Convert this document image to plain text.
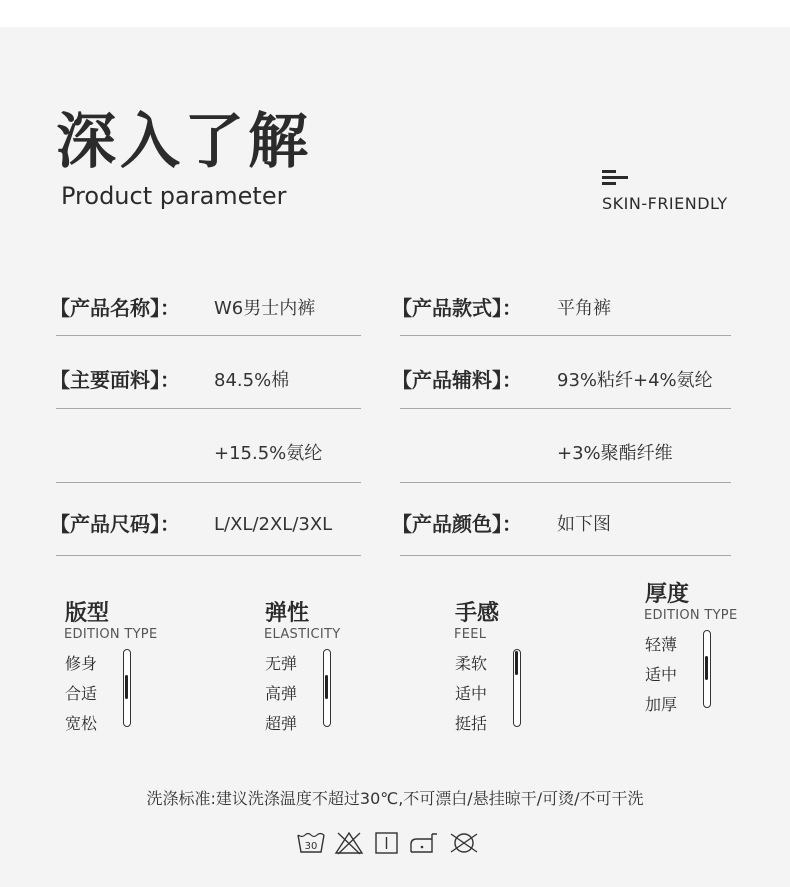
深入了解
Product parameter	SKIN-FRIENDLY
【产品名称】： W6男士内裤	【产品款式】： 平角裤
【主要面料】： 84.5%棉	【产品辅料】： 93%粘纤+4%氨纶
+15.5%氨纶	+3%聚酯纤维
【产品尺码】： L/XL/2XL/3XL	【产品颜色】： 如下图
版型
EDITION TYPE
修身
合适
宽松
弹性
ELASTICITY
无弹
高弹
超弹
手感
FEEL
柔软
适中
挺括
厚度
EDITION TYPE
轻薄
适中
加厚
洗涤标准:建议洗涤温度不超过30℃,不可漂白/悬挂晾干/可烫/不可干洗
30
